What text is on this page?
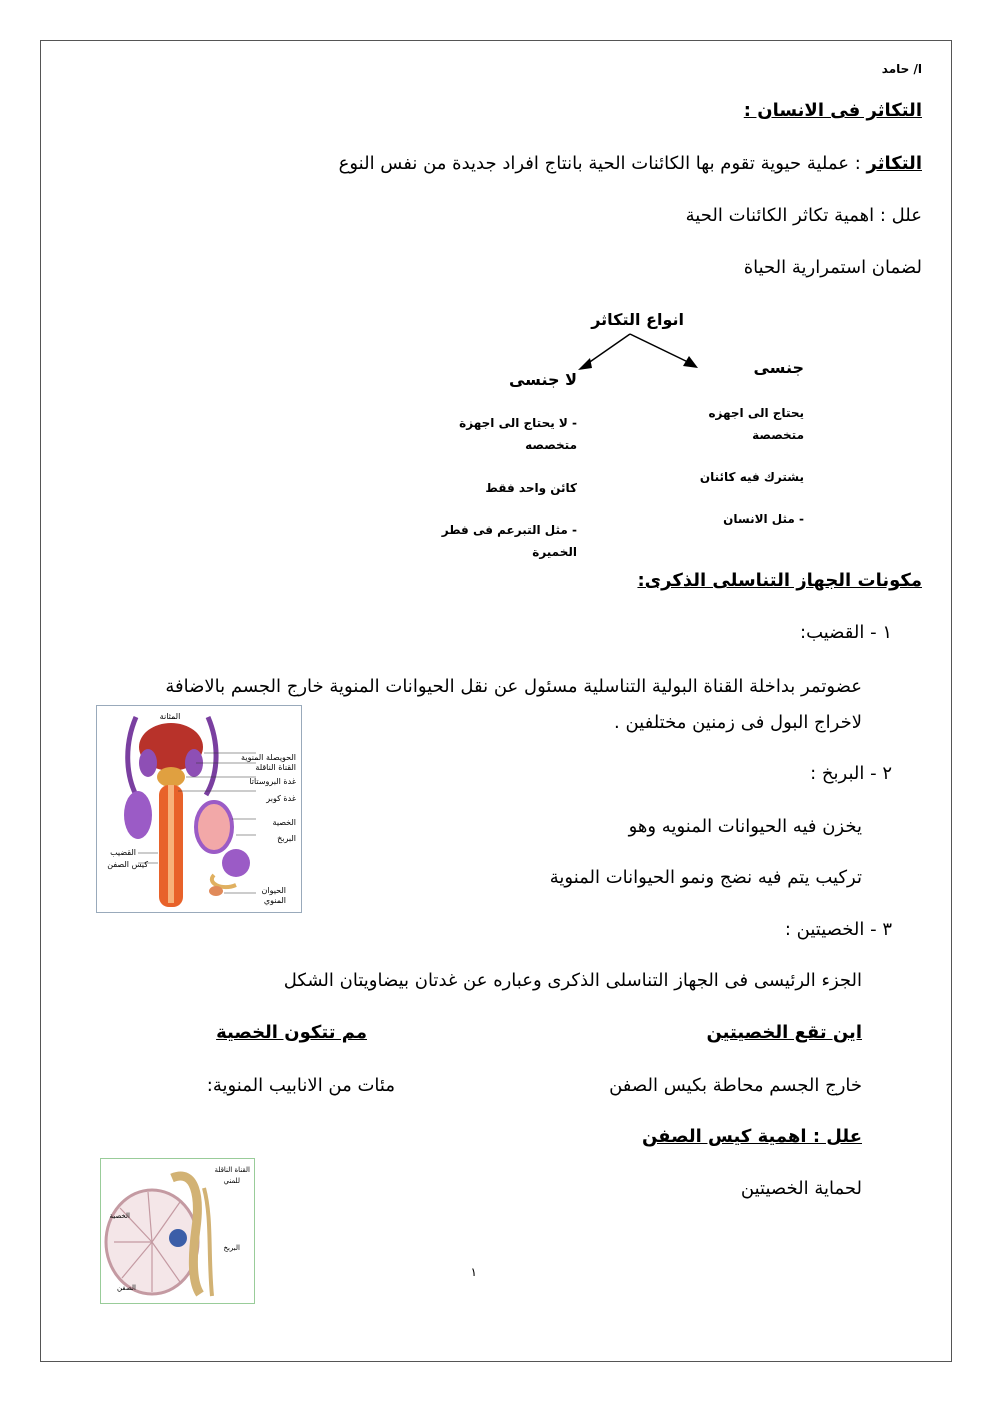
ا/ حامد
التكاثر فى الانسان :
التكاثر : عملية حيوية تقوم بها الكائنات الحية بانتاج افراد جديدة من نفس النوع
علل : اهمية تكاثر الكائنات الحية
لضمان استمرارية الحياة
انواع التكاثر
جنسى
لا جنسى
يحتاج الى اجهزه متخصصة
يشترك فيه كائنان
- مثل الانسان
- لا يحتاج الى اجهزة متخصصه
كائن واحد فقط
- مثل التبرعم فى فطر الخميرة
مكونات الجهاز التناسلى الذكرى:
١ - القضيب:
عضوتمر بداخلة القناة البولية التناسلية مسئول عن نقل الحيوانات المنوية خارج الجسم بالاضافة
لاخراج البول فى زمنين مختلفين .
٢ - البربخ :
يخزن فيه الحيوانات المنويه وهو
تركيب يتم فيه نضج ونمو الحيوانات المنوية
٣ - الخصيتين :
الجزء الرئيسى فى الجهاز التناسلى الذكرى وعباره عن غدتان بيضاويتان الشكل
اين تقع الخصيتين
مم تتكون الخصية
خارج الجسم محاطة بكيس الصفن
مئات من الانابيب المنوية:
علل : اهمية كيس الصفن
لحماية الخصيتين
١
المثانة
الحويصلة المنوية
القناة الناقلة
غدة البروستاتا
غدة كوبر
الخصية
البربخ
القضيب
كيس الصفن
الحيوان
المنوي
القناة الناقلة
للمني
الخصية
البربخ
الصفن
